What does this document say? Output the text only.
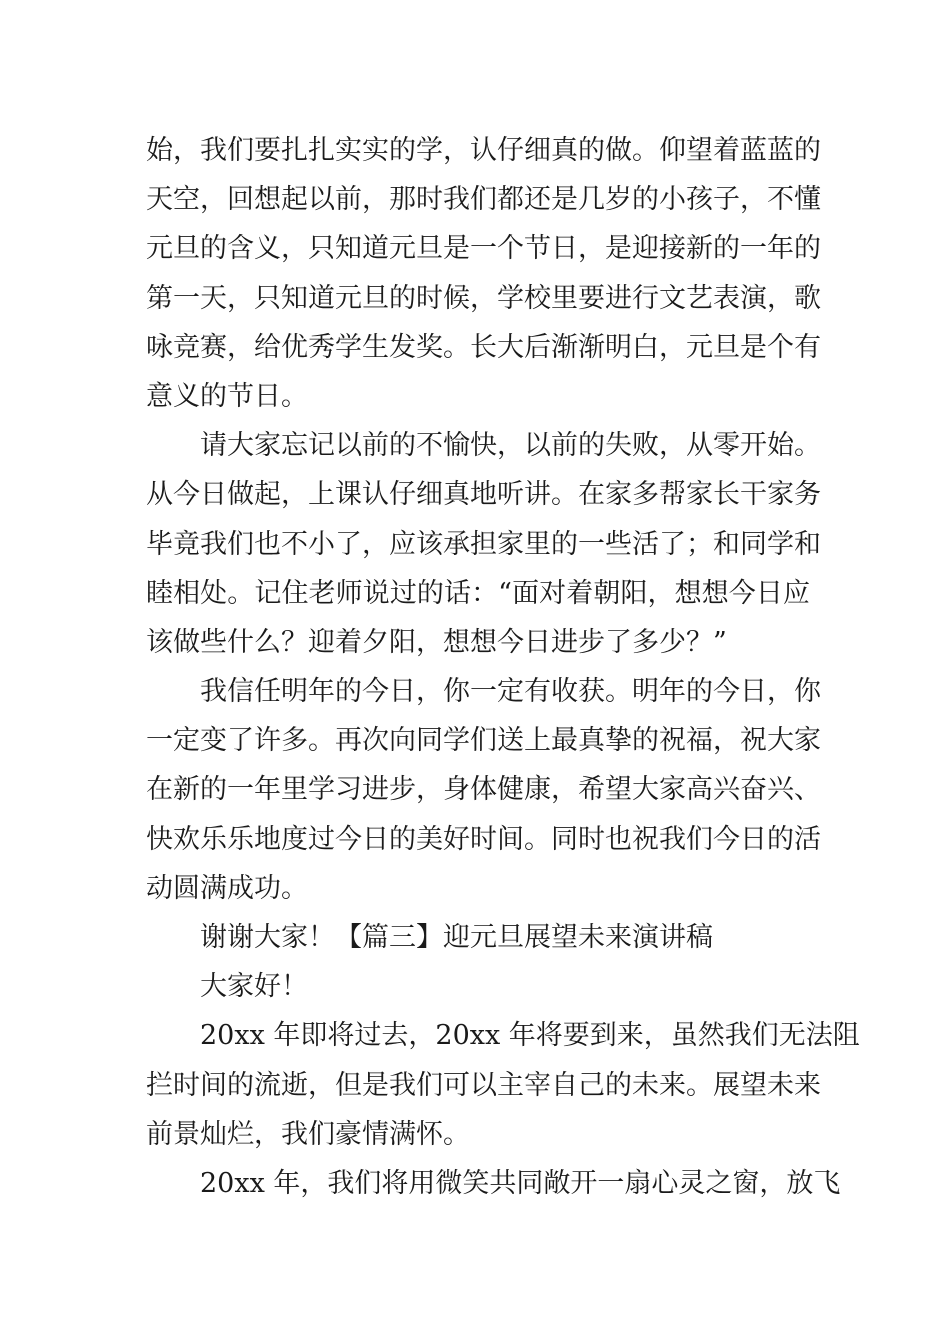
始，我们要扎扎实实的学，认仔细真的做。仰望着蓝蓝的
天空，回想起以前，那时我们都还是几岁的小孩子，不懂
元旦的含义，只知道元旦是一个节日，是迎接新的一年的
第一天，只知道元旦的时候，学校里要进行文艺表演，歌
咏竞赛，给优秀学生发奖。长大后渐渐明白，元旦是个有
意义的节日。
请大家忘记以前的不愉快，以前的失败，从零开始。
从今日做起，上课认仔细真地听讲。在家多帮家长干家务
毕竟我们也不小了，应该承担家里的一些活了；和同学和
睦相处。记住老师说过的话：“面对着朝阳，想想今日应
该做些什么？迎着夕阳，想想今日进步了多少？”
我信任明年的今日，你一定有收获。明年的今日，你
一定变了许多。再次向同学们送上最真挚的祝福，祝大家
在新的一年里学习进步，身体健康，希望大家高兴奋兴、
快欢乐乐地度过今日的美好时间。同时也祝我们今日的活
动圆满成功。
谢谢大家！【篇三】迎元旦展望未来演讲稿
大家好！
20xx 年即将过去，20xx 年将要到来，虽然我们无法阻
拦时间的流逝，但是我们可以主宰自己的未来。展望未来
前景灿烂，我们豪情满怀。
20xx 年，我们将用微笑共同敞开一扇心灵之窗，放飞
